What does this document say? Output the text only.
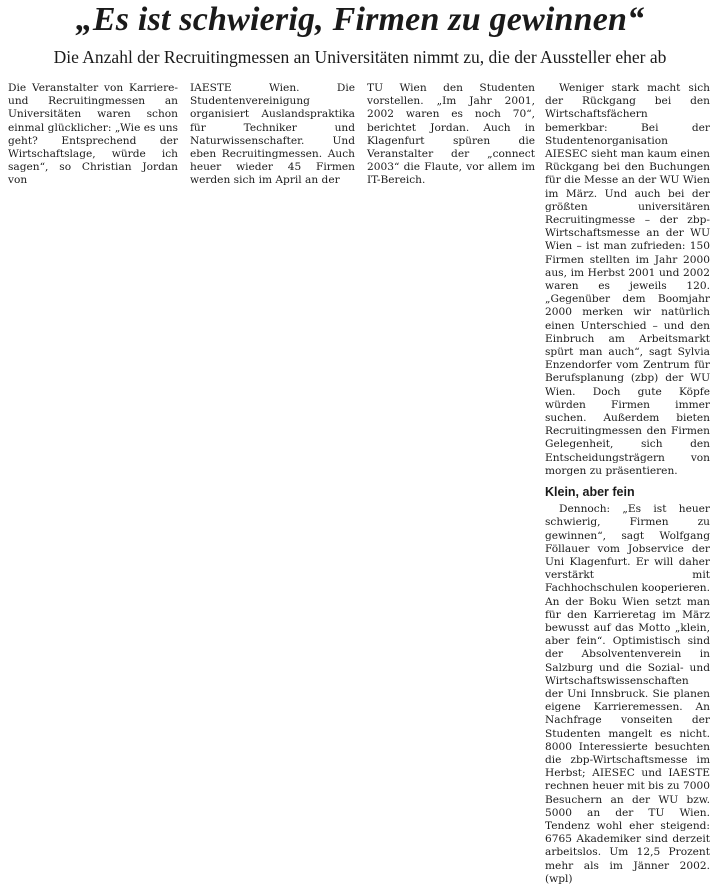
„Es ist schwierig, Firmen zu gewinnen“
Die Anzahl der Recruitingmessen an Universitäten nimmt zu, die der Aussteller eher ab

Die Veranstalter von Karriere- und Recruitingmessen an Universitäten waren schon einmal glücklicher: „Wie es uns geht? Entsprechend der Wirtschaftslage, würde ich sagen“, so Christian Jordan von

IAESTE Wien. Die Studentenvereinigung organisiert Auslandspraktika für Techniker und Naturwissenschafter. Und eben Recruitingmessen. Auch heuer wieder 45 Firmen werden sich im April an der

TU Wien den Studenten vorstellen. „Im Jahr 2001, 2002 waren es noch 70“, berichtet Jordan. Auch in Klagenfurt spüren die Veranstalter der „connect 2003“ die Flaute, vor allem im IT-Bereich.

Weniger stark macht sich der Rückgang bei den Wirtschaftsfächern bemerkbar: Bei der Studentenorganisation AIESEC sieht man kaum einen Rückgang bei den Buchungen für die Messe an der WU Wien im März. Und auch bei der größten universitären Recruitingmesse – der zbp-Wirtschaftsmesse an der WU Wien – ist man zufrieden: 150 Firmen stellten im Jahr 2000 aus, im Herbst 2001 und 2002 waren es jeweils 120. „Gegenüber dem Boomjahr 2000 merken wir natürlich einen Unterschied – und den Einbruch am Arbeitsmarkt spürt man auch“, sagt Sylvia Enzendorfer vom Zentrum für Berufsplanung (zbp) der WU Wien. Doch gute Köpfe würden Firmen immer suchen. Außerdem bieten Recruitingmessen den Firmen Gelegenheit, sich den Entscheidungsträgern von morgen zu präsentieren.

Klein, aber fein

Dennoch: „Es ist heuer schwierig, Firmen zu gewinnen“, sagt Wolfgang Föllauer vom Jobservice der Uni Klagenfurt. Er will daher verstärkt mit Fachhochschulen kooperieren. An der Boku Wien setzt man für den Karrieretag im März bewusst auf das Motto „klein, aber fein“. Optimistisch sind der Absolventenverein in Salzburg und die Sozial- und Wirtschaftswissenschaften der Uni Innsbruck. Sie planen eigene Karrieremessen. An Nachfrage vonseiten der Studenten mangelt es nicht. 8000 Interessierte besuchten die zbp-Wirtschaftsmesse im Herbst; AIESEC und IAESTE rechnen heuer mit bis zu 7000 Besuchern an der WU bzw. 5000 an der TU Wien. Tendenz wohl eher steigend: 6765 Akademiker sind derzeit arbeitslos. Um 12,5 Prozent mehr als im Jänner 2002. (wpl)
